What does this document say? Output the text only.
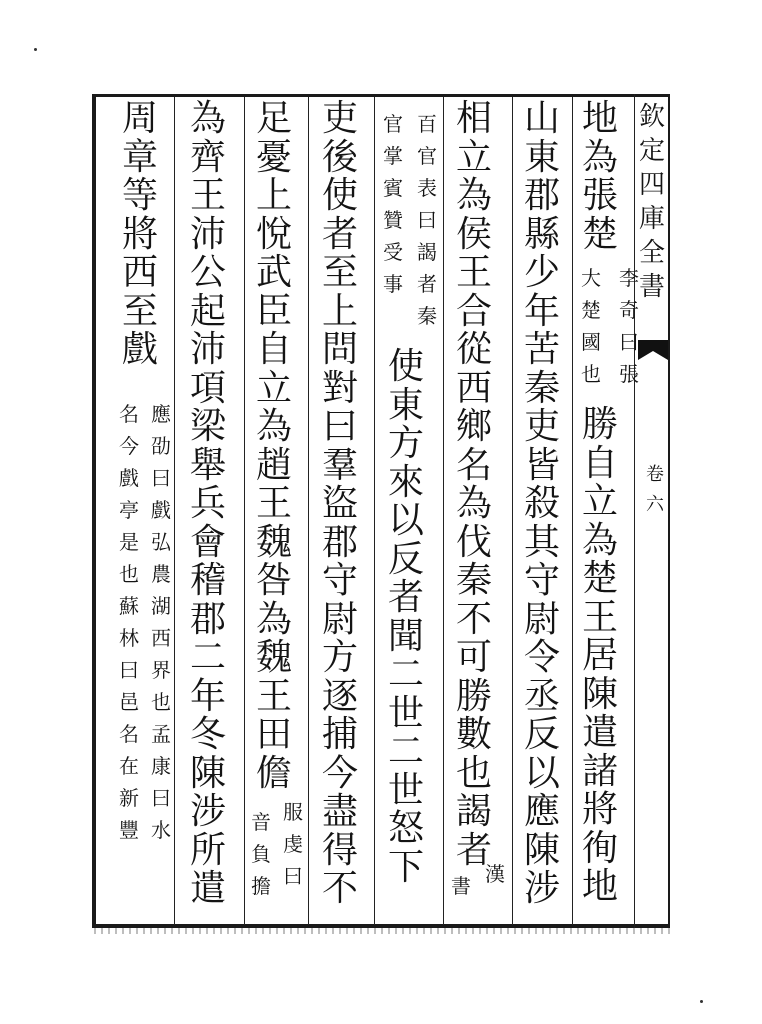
欽
定
四
庫
全
書
卷
六
地
為
張
楚
李
奇
曰
張
大
楚
國
也
勝
自
立
為
楚
王
居
陳
遣
諸
將
徇
地
山
東
郡
縣
少
年
苦
秦
吏
皆
殺
其
守
尉
令
丞
反
以
應
陳
涉
相
立
為
侯
王
合
從
西
鄉
名
為
伐
秦
不
可
勝
數
也
謁
者
漢
書
百
官
表
曰
謁
者
秦
官
掌
賓
贊
受
事
使
東
方
來
以
反
者
聞
二
世
二
世
怒
下
吏
後
使
者
至
上
問
對
曰
羣
盜
郡
守
尉
方
逐
捕
今
盡
得
不
足
憂
上
悅
武
臣
自
立
為
趙
王
魏
咎
為
魏
王
田
儋
服
虔
曰
音
負
擔
為
齊
王
沛
公
起
沛
項
梁
舉
兵
會
稽
郡
二
年
冬
陳
涉
所
遣
周
章
等
將
西
至
戲
應
劭
曰
戲
弘
農
湖
西
界
也
孟
康
曰
水
名
今
戲
亭
是
也
蘇
林
曰
邑
名
在
新
豐
